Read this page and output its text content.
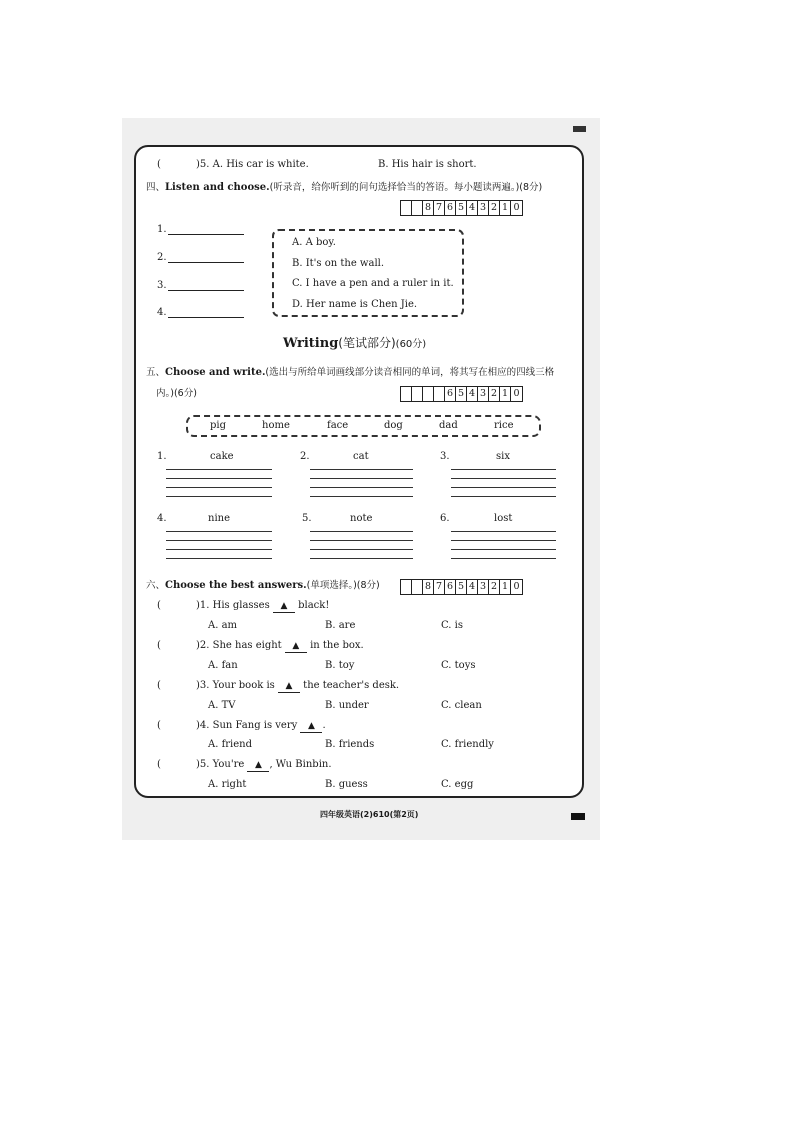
(	)5. A. His car is white.	B. His hair is short.
四、Listen and choose.(听录音，给你听到的问句选择恰当的答语。每小题读两遍。)(8分)
8 7 6 5 4 3 2 1 0
1.
2.
3.
4.
A. A boy.
B. It's on the wall.
C. I have a pen and a ruler in it.
D. Her name is Chen Jie.
Writing(笔试部分)(60分)
五、Choose and write.(选出与所给单词画线部分读音相同的单词，将其写在相应的四线三格
内。)(6分)	6 5 4 3 2 1 0
pig	home	face	dog	dad	rice
1.	cake	2.	cat	3.	six
4.	nine	5.	note	6.	lost
六、Choose the best answers.(单项选择。)(8分)	8 7 6 5 4 3 2 1 0
(	)1. His glasses ▲ black!
A. am	B. are	C. is
(	)2. She has eight ▲ in the box.
A. fan	B. toy	C. toys
(	)3. Your book is ▲ the teacher's desk.
A. TV	B. under	C. clean
(	)4. Sun Fang is very ▲ .
A. friend	B. friends	C. friendly
(	)5. You're ▲ , Wu Binbin.
A. right	B. guess	C. egg
四年级英语(2)610(第2页)
